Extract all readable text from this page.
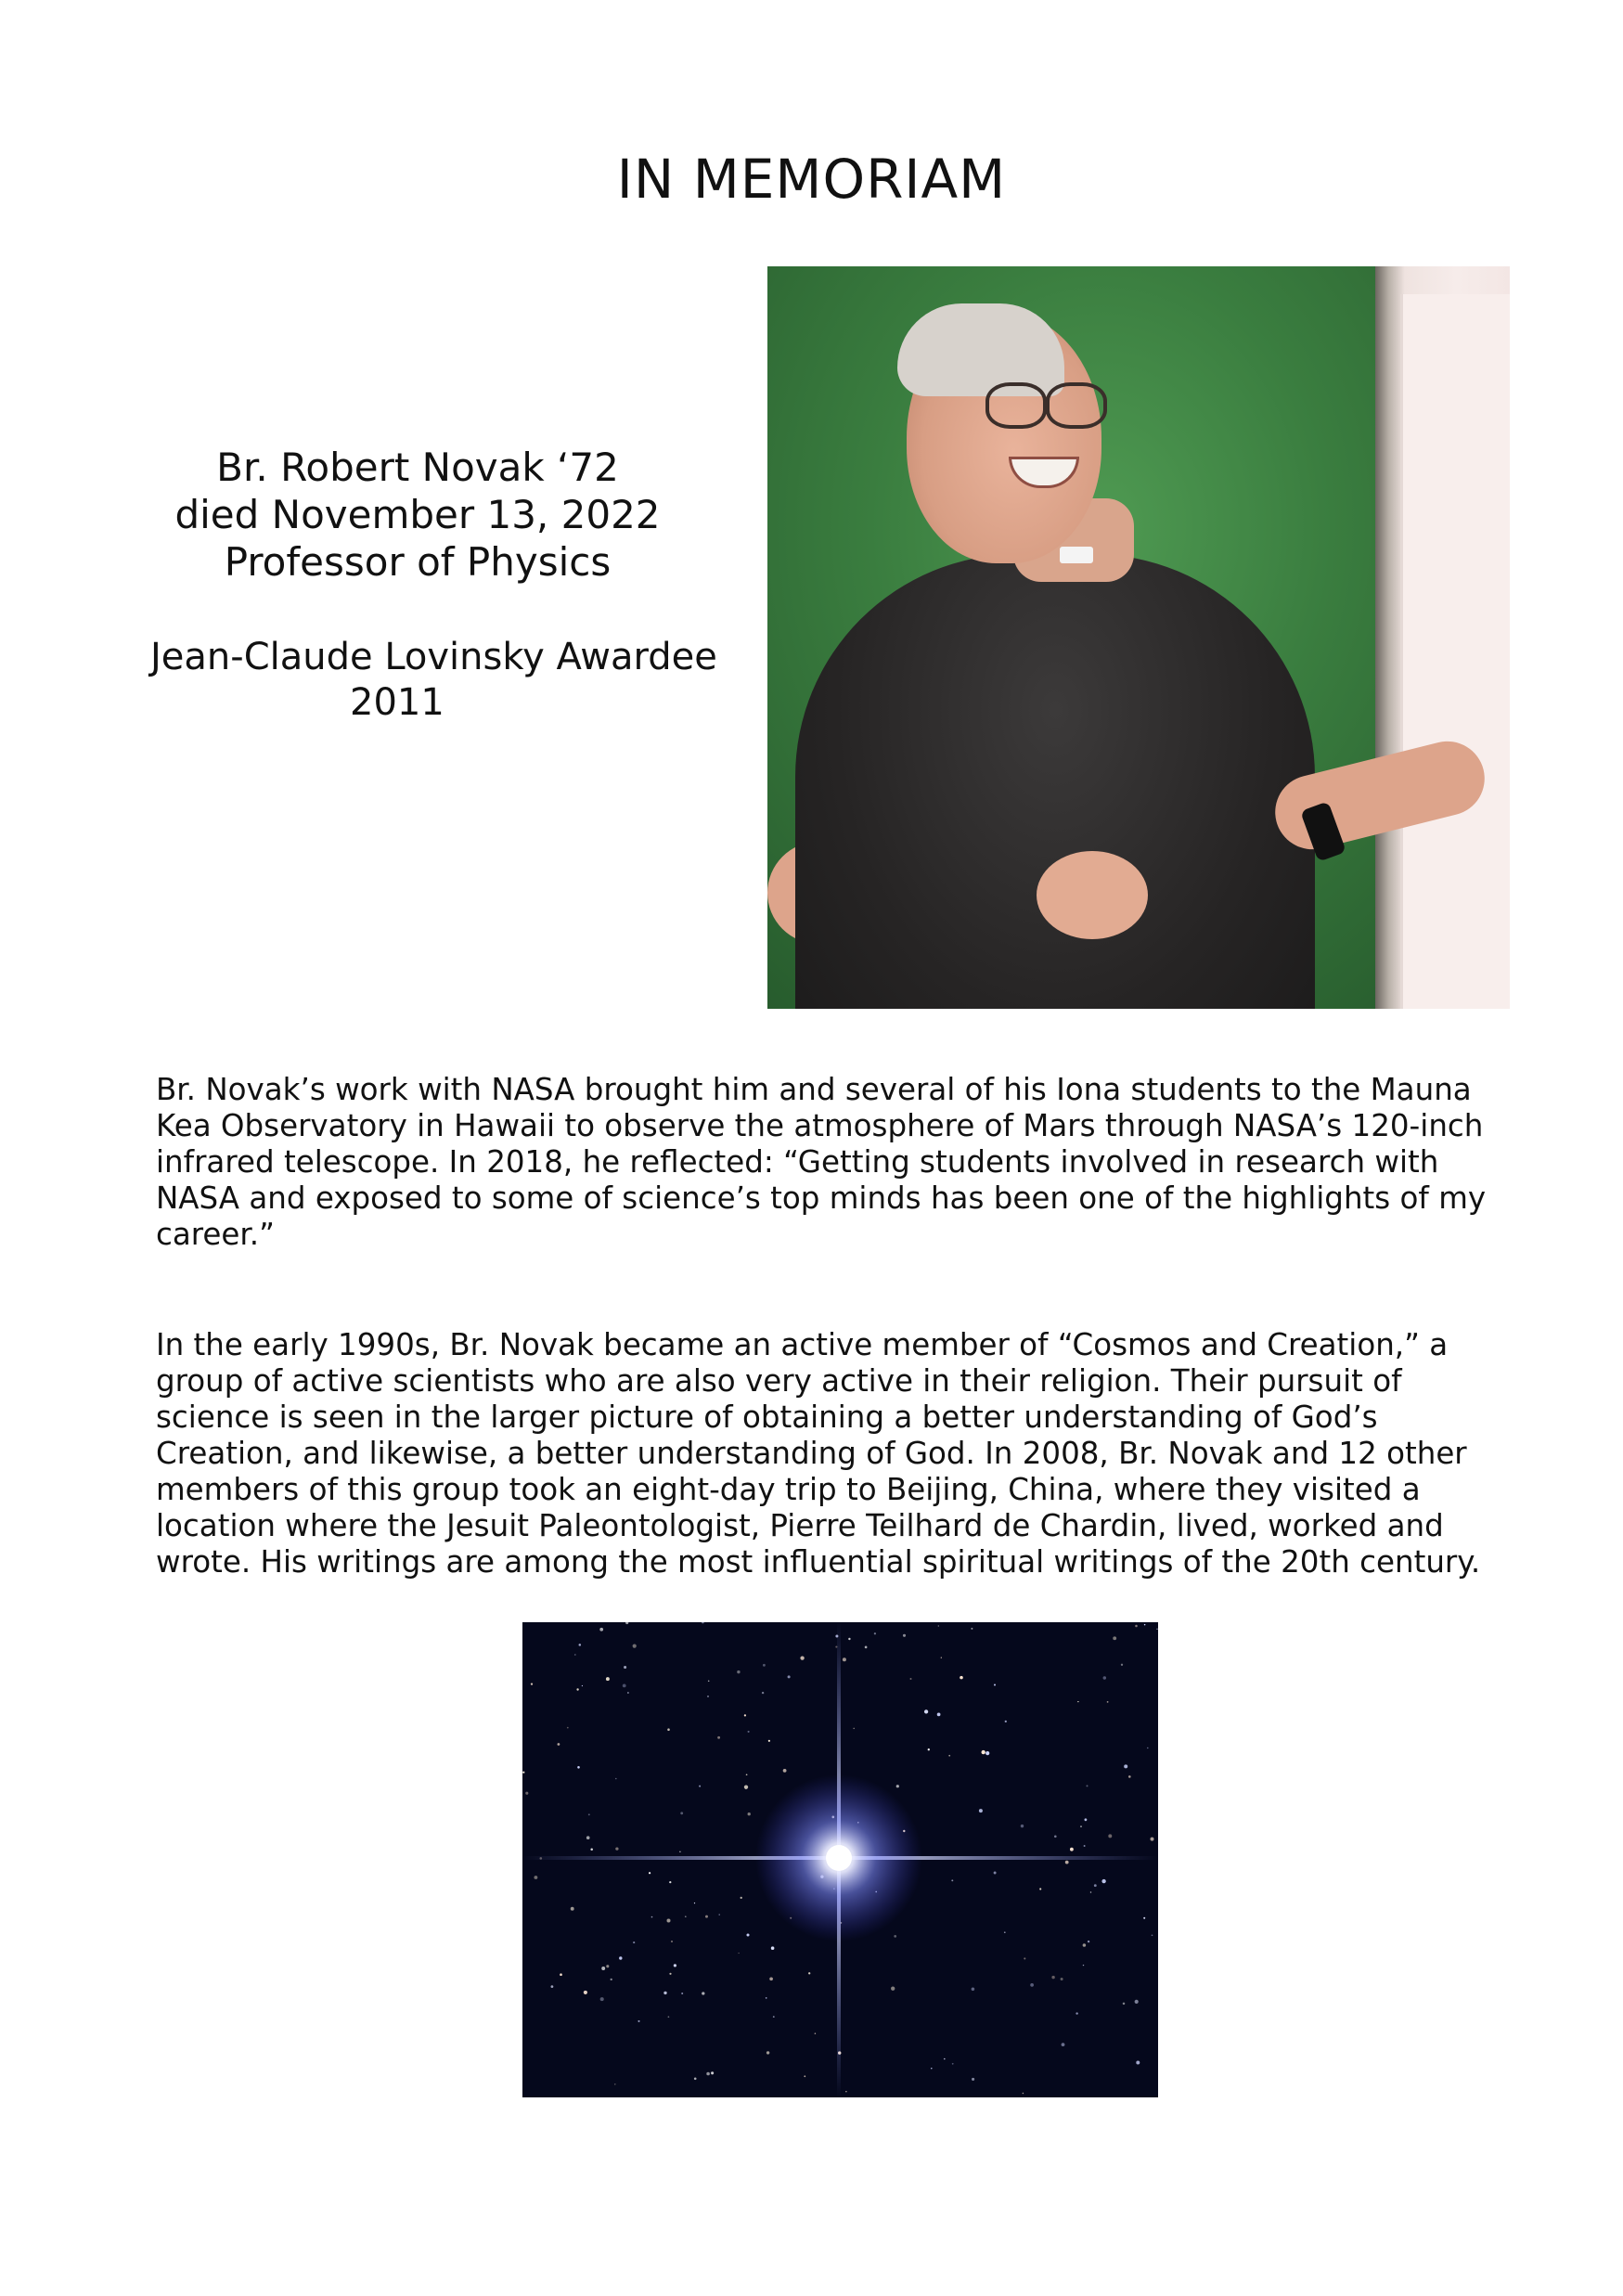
IN MEMORIAM
Br. Robert Novak ‘72
died November 13, 2022
Professor of Physics
Jean-Claude Lovinsky Awardee
2011

Br. Novak’s work with NASA brought him and several of his Iona students to the Mauna Kea Observatory in Hawaii to observe the atmosphere of Mars through NASA’s 120-inch infrared telescope. In 2018, he reflected: “Getting students involved in research with NASA and exposed to some of science’s top minds has been one of the highlights of my career.”

In the early 1990s, Br. Novak became an active member of “Cosmos and Creation,” a group of active scientists who are also very active in their religion. Their pursuit of science is seen in the larger picture of obtaining a better understanding of God’s Creation, and likewise, a better understanding of God. In 2008, Br. Novak and 12 other members of this group took an eight-day trip to Beijing, China, where they visited a location where the Jesuit Paleontologist, Pierre Teilhard de Chardin, lived, worked and wrote. His writings are among the most influential spiritual writings of the 20th century.
